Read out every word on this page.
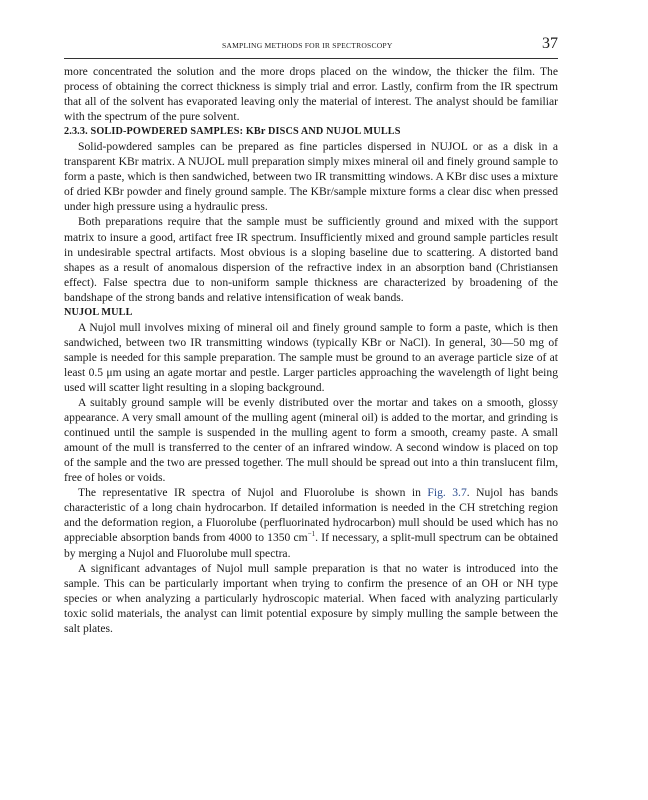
SAMPLING METHODS FOR IR SPECTROSCOPY	37

more concentrated the solution and the more drops placed on the window, the thicker the film. The process of obtaining the correct thickness is simply trial and error. Lastly, confirm from the IR spectrum that all of the solvent has evaporated leaving only the material of interest. The analyst should be familiar with the spectrum of the pure solvent.

2.3.3. SOLID-POWDERED SAMPLES: KBr DISCS AND NUJOL MULLS

Solid-powdered samples can be prepared as fine particles dispersed in NUJOL or as a disk in a transparent KBr matrix. A NUJOL mull preparation simply mixes mineral oil and finely ground sample to form a paste, which is then sandwiched, between two IR transmitting windows. A KBr disc uses a mixture of dried KBr powder and finely ground sample. The KBr/sample mixture forms a clear disc when pressed under high pressure using a hydraulic press.

Both preparations require that the sample must be sufficiently ground and mixed with the support matrix to insure a good, artifact free IR spectrum. Insufficiently mixed and ground sample particles result in undesirable spectral artifacts. Most obvious is a sloping baseline due to scattering. A distorted band shapes as a result of anomalous dispersion of the refractive index in an absorption band (Christiansen effect). False spectra due to non-uniform sample thickness are characterized by broadening of the bandshape of the strong bands and relative intensification of weak bands.

NUJOL MULL

A Nujol mull involves mixing of mineral oil and finely ground sample to form a paste, which is then sandwiched, between two IR transmitting windows (typically KBr or NaCl). In general, 30—50 mg of sample is needed for this sample preparation. The sample must be ground to an average particle size of at least 0.5 μm using an agate mortar and pestle. Larger particles approaching the wavelength of light being used will scatter light resulting in a sloping background.

A suitably ground sample will be evenly distributed over the mortar and takes on a smooth, glossy appearance. A very small amount of the mulling agent (mineral oil) is added to the mortar, and grinding is continued until the sample is suspended in the mulling agent to form a smooth, creamy paste. A small amount of the mull is transferred to the center of an infrared window. A second window is placed on top of the sample and the two are pressed together. The mull should be spread out into a thin translucent film, free of holes or voids.

The representative IR spectra of Nujol and Fluorolube is shown in Fig. 3.7. Nujol has bands characteristic of a long chain hydrocarbon. If detailed information is needed in the CH stretching region and the deformation region, a Fluorolube (perfluorinated hydrocarbon) mull should be used which has no appreciable absorption bands from 4000 to 1350 $cm^{-1}$. If necessary, a split-mull spectrum can be obtained by merging a Nujol and Fluorolube mull spectra.

A significant advantages of Nujol mull sample preparation is that no water is introduced into the sample. This can be particularly important when trying to confirm the presence of an OH or NH type species or when analyzing a particularly hydroscopic material. When faced with analyzing particularly toxic solid materials, the analyst can limit potential exposure by simply mulling the sample between the salt plates.
